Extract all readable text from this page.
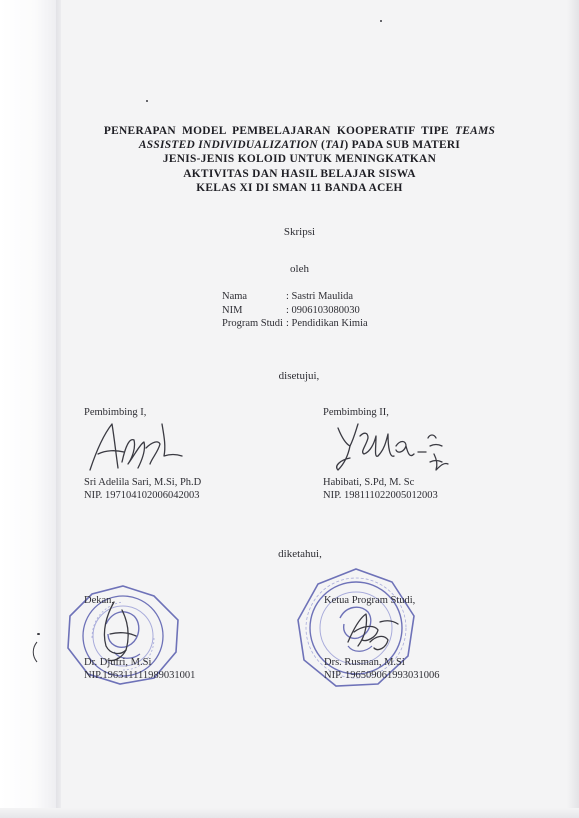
PENERAPAN MODEL PEMBELAJARAN KOOPERATIF TIPE TEAMS
ASSISTED INDIVIDUALIZATION (TAI) PADA SUB MATERI
JENIS-JENIS KOLOID UNTUK MENINGKATKAN
AKTIVITAS DAN HASIL BELAJAR SISWA
KELAS XI DI SMAN 11 BANDA ACEH
Skripsi
oleh
Nama	: Sastri Maulida
NIM	: 0906103080030
Program Studi : Pendidikan Kimia
disetujui,
Pembimbing I,
Sri Adelila Sari, M.Si, Ph.D
NIP. 197104102006042003
Pembimbing II,
Habibati, S.Pd, M. Sc
NIP. 198111022005012003
diketahui,
Dekan,
Dr. Djufri, M.Si
NIP.196311111989031001
Ketua Program Studi,
Drs. Rusman, M.Si
NIP. 196509061993031006
